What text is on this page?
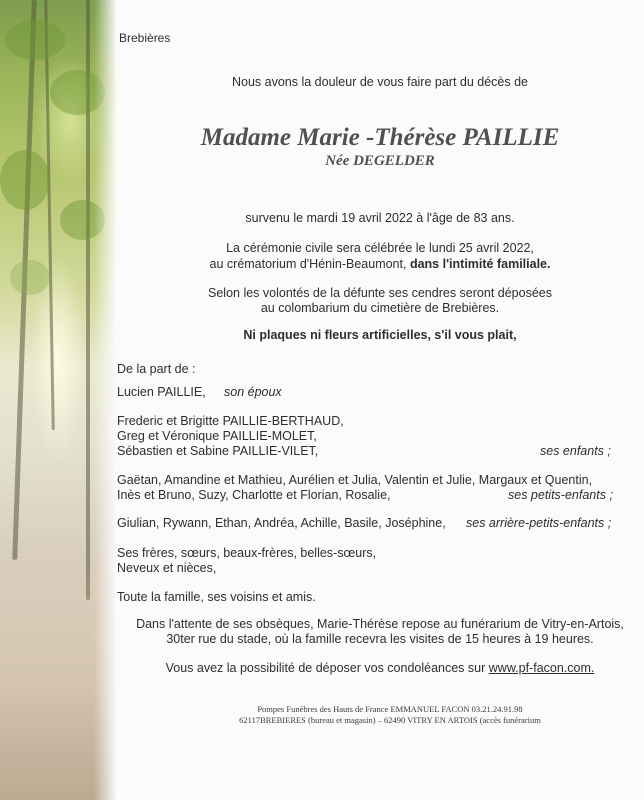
Brebières
Nous avons la douleur de vous faire part du décès de
Madame Marie -Thérèse PAILLIE
Née DEGELDER
survenu le mardi 19 avril 2022 à l'âge de 83 ans.
La cérémonie civile sera célébrée le lundi 25 avril 2022,
au crématorium d'Hénin-Beaumont, dans l'intimité familiale.
Selon les volontés de la défunte ses cendres seront déposées
au colombarium du cimetière de Brebières.
Ni plaques ni fleurs artificielles, s'il vous plait,
De la part de :
Lucien PAILLIE, son époux
Frederic et Brigitte PAILLIE-BERTHAUD,
Greg et Véronique PAILLIE-MOLET,
Sébastien et Sabine PAILLIE-VILET,	ses enfants ;
Gaëtan, Amandine et Mathieu, Aurélien et Julia, Valentin et Julie, Margaux et Quentin,
Inès et Bruno, Suzy, Charlotte et Florian, Rosalie,	ses petits-enfants ;
Giulian, Rywann, Ethan, Andréa, Achille, Basile, Joséphine, ses arrière-petits-enfants ;
Ses frères, sœurs, beaux-frères, belles-sœurs,
Neveux et nièces,
Toute la famille, ses voisins et amis.
Dans l'attente de ses obsèques, Marie-Thérèse repose au funérarium de Vitry-en-Artois,
30ter rue du stade, où la famille recevra les visites de 15 heures à 19 heures.
Vous avez la possibilité de déposer vos condoléances sur www.pf-facon.com.
Pompes Funèbres des Hauts de France EMMANUEL FACON 03.21.24.91.98
62117BREBIERES (bureau et magasin) – 62490 VITRY EN ARTOIS (accès funérarium
